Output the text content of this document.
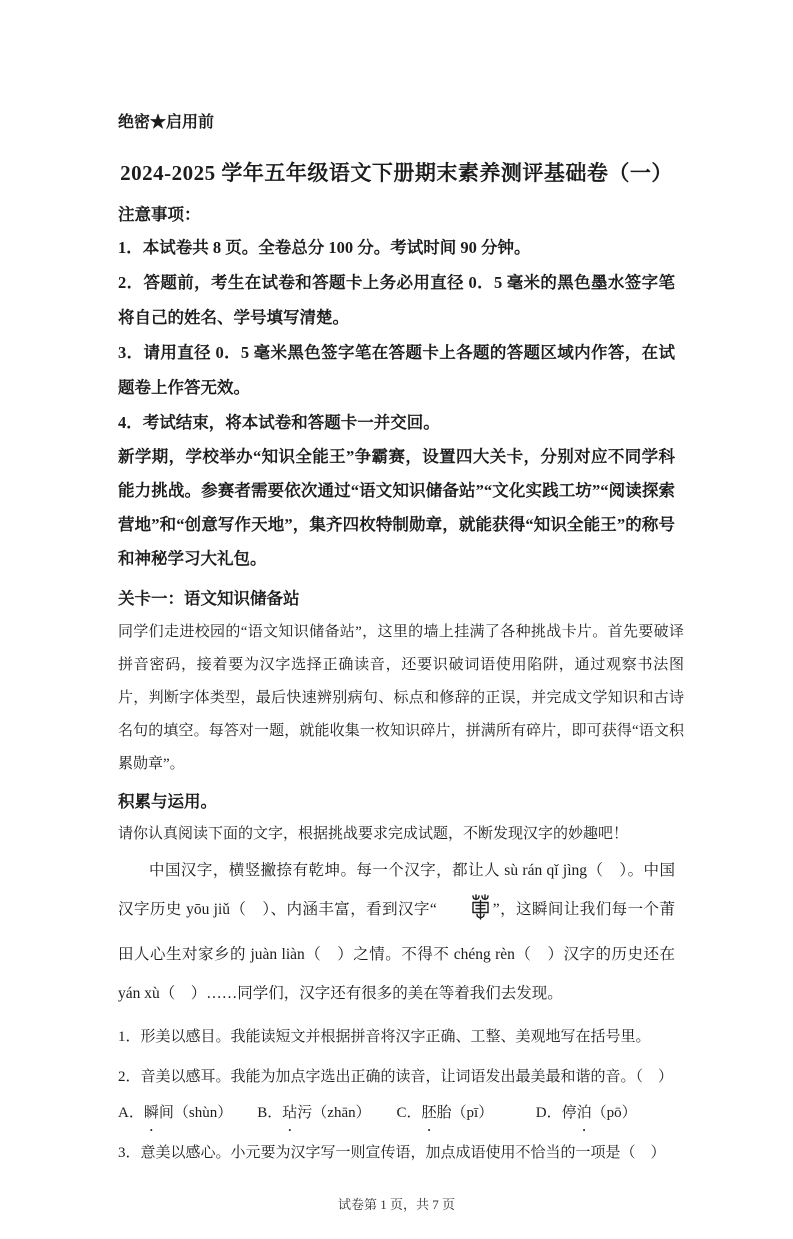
绝密★启用前
2024-2025 学年五年级语文下册期末素养测评基础卷（一）
注意事项：

1．本试卷共 8 页。全卷总分 100 分。考试时间 90 分钟。

2．答题前，考生在试卷和答题卡上务必用直径 0．5 毫米的黑色墨水签字笔将自己的姓名、学号填写清楚。

3．请用直径 0．5 毫米黑色签字笔在答题卡上各题的答题区域内作答，在试题卷上作答无效。

4．考试结束，将本试卷和答题卡一并交回。

新学期，学校举办“知识全能王”争霸赛，设置四大关卡，分别对应不同学科能力挑战。参赛者需要依次通过“语文知识储备站”“文化实践工坊”“阅读探索营地”和“创意写作天地”，集齐四枚特制勋章，就能获得“知识全能王”的称号和神秘学习大礼包。

关卡一：语文知识储备站

同学们走进校园的“语文知识储备站”，这里的墙上挂满了各种挑战卡片。首先要破译拼音密码，接着要为汉字选择正确读音，还要识破词语使用陷阱，通过观察书法图片，判断字体类型，最后快速辨别病句、标点和修辞的正误，并完成文学知识和古诗名句的填空。每答对一题，就能收集一枚知识碎片，拼满所有碎片，即可获得“语文积累勋章”。

积累与运用。

请你认真阅读下面的文字，根据挑战要求完成试题，不断发现汉字的妙趣吧！

中国汉字，横竖撇捺有乾坤。每一个汉字，都让人 sù rán qǐ jìng（　）。中国汉字历史 yōu jiǔ（　）、内涵丰富，看到汉字“	”，这瞬间让我们每一个莆田人心生对家乡的 juàn liàn（　）之情。不得不 chéng rèn（　）汉字的历史还在 yán xù（　）……同学们，汉字还有很多的美在等着我们去发现。

1．形美以感目。我能读短文并根据拼音将汉字正确、工整、美观地写在括号里。

2．音美以感耳。我能为加点字选出正确的读音，让词语发出最美最和谐的音。（　）

A．瞬间（shùn）	B．玷污（zhān）	C．胚胎（pī）	D．停泊（pō）

3．意美以感心。小元要为汉字写一则宣传语，加点成语使用不恰当的一项是（　）

试卷第 1 页，共 7 页
